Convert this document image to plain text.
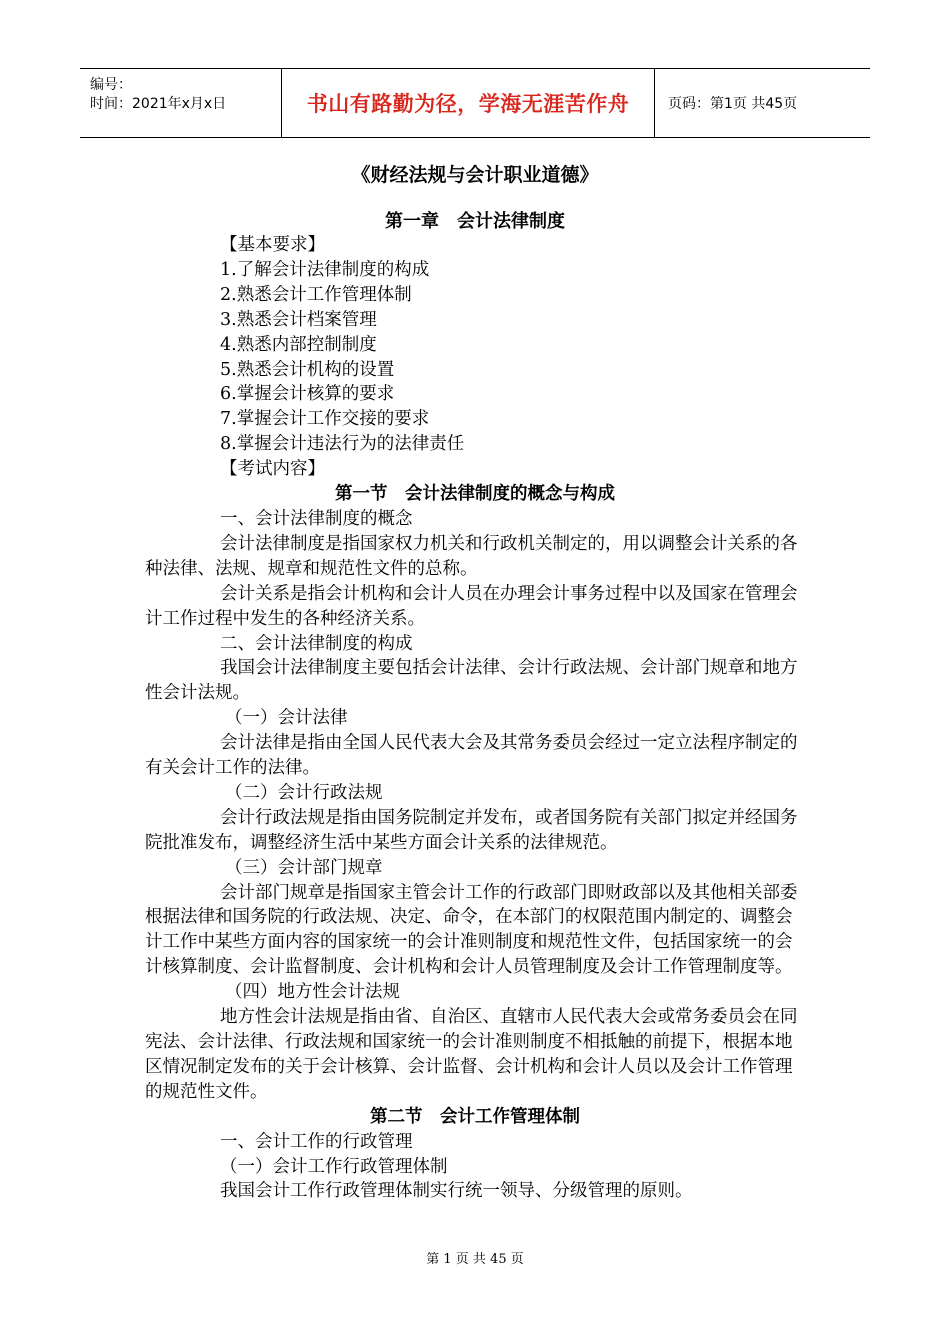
编号：
时间：2021年x月x日	书山有路勤为径，学海无涯苦作舟	页码：第1页 共45页
《财经法规与会计职业道德》
第一章　会计法律制度

【基本要求】

1.了解会计法律制度的构成

2.熟悉会计工作管理体制

3.熟悉会计档案管理

4.熟悉内部控制制度

5.熟悉会计机构的设置

6.掌握会计核算的要求

7.掌握会计工作交接的要求

8.掌握会计违法行为的法律责任

【考试内容】

第一节　会计法律制度的概念与构成

一、会计法律制度的概念

会计法律制度是指国家权力机关和行政机关制定的，用以调整会计关系的各种法律、法规、规章和规范性文件的总称。

会计关系是指会计机构和会计人员在办理会计事务过程中以及国家在管理会计工作过程中发生的各种经济关系。

二、会计法律制度的构成

我国会计法律制度主要包括会计法律、会计行政法规、会计部门规章和地方性会计法规。

（一）会计法律

会计法律是指由全国人民代表大会及其常务委员会经过一定立法程序制定的有关会计工作的法律。

（二）会计行政法规

会计行政法规是指由国务院制定并发布，或者国务院有关部门拟定并经国务院批准发布，调整经济生活中某些方面会计关系的法律规范。

（三）会计部门规章

会计部门规章是指国家主管会计工作的行政部门即财政部以及其他相关部委根据法律和国务院的行政法规、决定、命令，在本部门的权限范围内制定的、调整会计工作中某些方面内容的国家统一的会计准则制度和规范性文件，包括国家统一的会计核算制度、会计监督制度、会计机构和会计人员管理制度及会计工作管理制度等。

（四）地方性会计法规

地方性会计法规是指由省、自治区、直辖市人民代表大会或常务委员会在同宪法、会计法律、行政法规和国家统一的会计准则制度不相抵触的前提下，根据本地区情况制定发布的关于会计核算、会计监督、会计机构和会计人员以及会计工作管理的规范性文件。

第二节　会计工作管理体制

一、会计工作的行政管理

（一）会计工作行政管理体制

我国会计工作行政管理体制实行统一领导、分级管理的原则。

第 1 页 共 45 页
